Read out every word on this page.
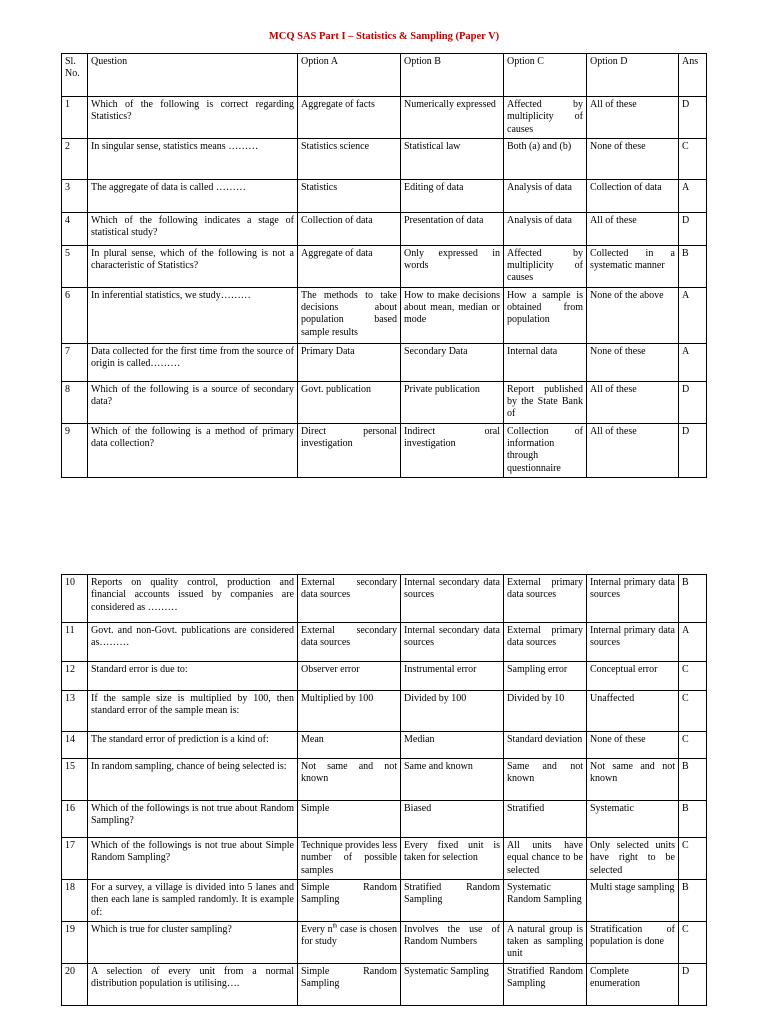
MCQ SAS Part I – Statistics & Sampling (Paper V)
Sl. No.	Question	Option A	Option B	Option C	Option D	Ans
1	Which of the following is correct regarding Statistics?	Aggregate of facts	Numerically expressed	Affected by multiplicity of causes	All of these	D
2	In singular sense, statistics means ………	Statistics science	Statistical law	Both (a) and (b)	None of these	C
3	The aggregate of data is called ………	Statistics	Editing of data	Analysis of data	Collection of data	A
4	Which of the following indicates a stage of statistical study?	Collection of data	Presentation of data	Analysis of data	All of these	D
5	In plural sense, which of the following is not a characteristic of Statistics?	Aggregate of data	Only expressed in words	Affected by multiplicity of causes	Collected in a systematic manner	B
6	In inferential statistics, we study………	The methods to take decisions about population based sample results	How to make decisions about mean, median or mode	How a sample is obtained from population	None of the above	A
7	Data collected for the first time from the source of origin is called………	Primary Data	Secondary Data	Internal data	None of these	A
8	Which of the following is a source of secondary data?	Govt. publication	Private publication	Report published by the State Bank of	All of these	D
9	Which of the following is a method of primary data collection?	Direct personal investigation	Indirect oral investigation	Collection of information through questionnaire	All of these	D
10	Reports on quality control, production and financial accounts issued by companies are considered as ………	External secondary data sources	Internal secondary data sources	External primary data sources	Internal primary data sources	B
11	Govt. and non-Govt. publications are considered as………	External secondary data sources	Internal secondary data sources	External primary data sources	Internal primary data sources	A
12	Standard error is due to:	Observer error	Instrumental error	Sampling error	Conceptual error	C
13	If the sample size is multiplied by 100, then standard error of the sample mean is:	Multiplied by 100	Divided by 100	Divided by 10	Unaffected	C
14	The standard error of prediction is a kind of:	Mean	Median	Standard deviation	None of these	C
15	In random sampling, chance of being selected is:	Not same and not known	Same and known	Same and not known	Not same and not known	B
16	Which of the followings is not true about Random Sampling?	Simple	Biased	Stratified	Systematic	B
17	Which of the followings is not true about Simple Random Sampling?	Technique provides less number of possible samples	Every fixed unit is taken for selection	All units have equal chance to be selected	Only selected units have right to be selected	C
18	For a survey, a village is divided into 5 lanes and then each lane is sampled randomly. It is example of:	Simple Random Sampling	Stratified Random Sampling	Systematic Random Sampling	Multi stage sampling	B
19	Which is true for cluster sampling?	Every $n^{th}$ case is chosen for study	Involves the use of Random Numbers	A natural group is taken as sampling unit	Stratification of population is done	C
20	A selection of every unit from a normal distribution population is utilising….	Simple Random Sampling	Systematic Sampling	Stratified Random Sampling	Complete enumeration	D
